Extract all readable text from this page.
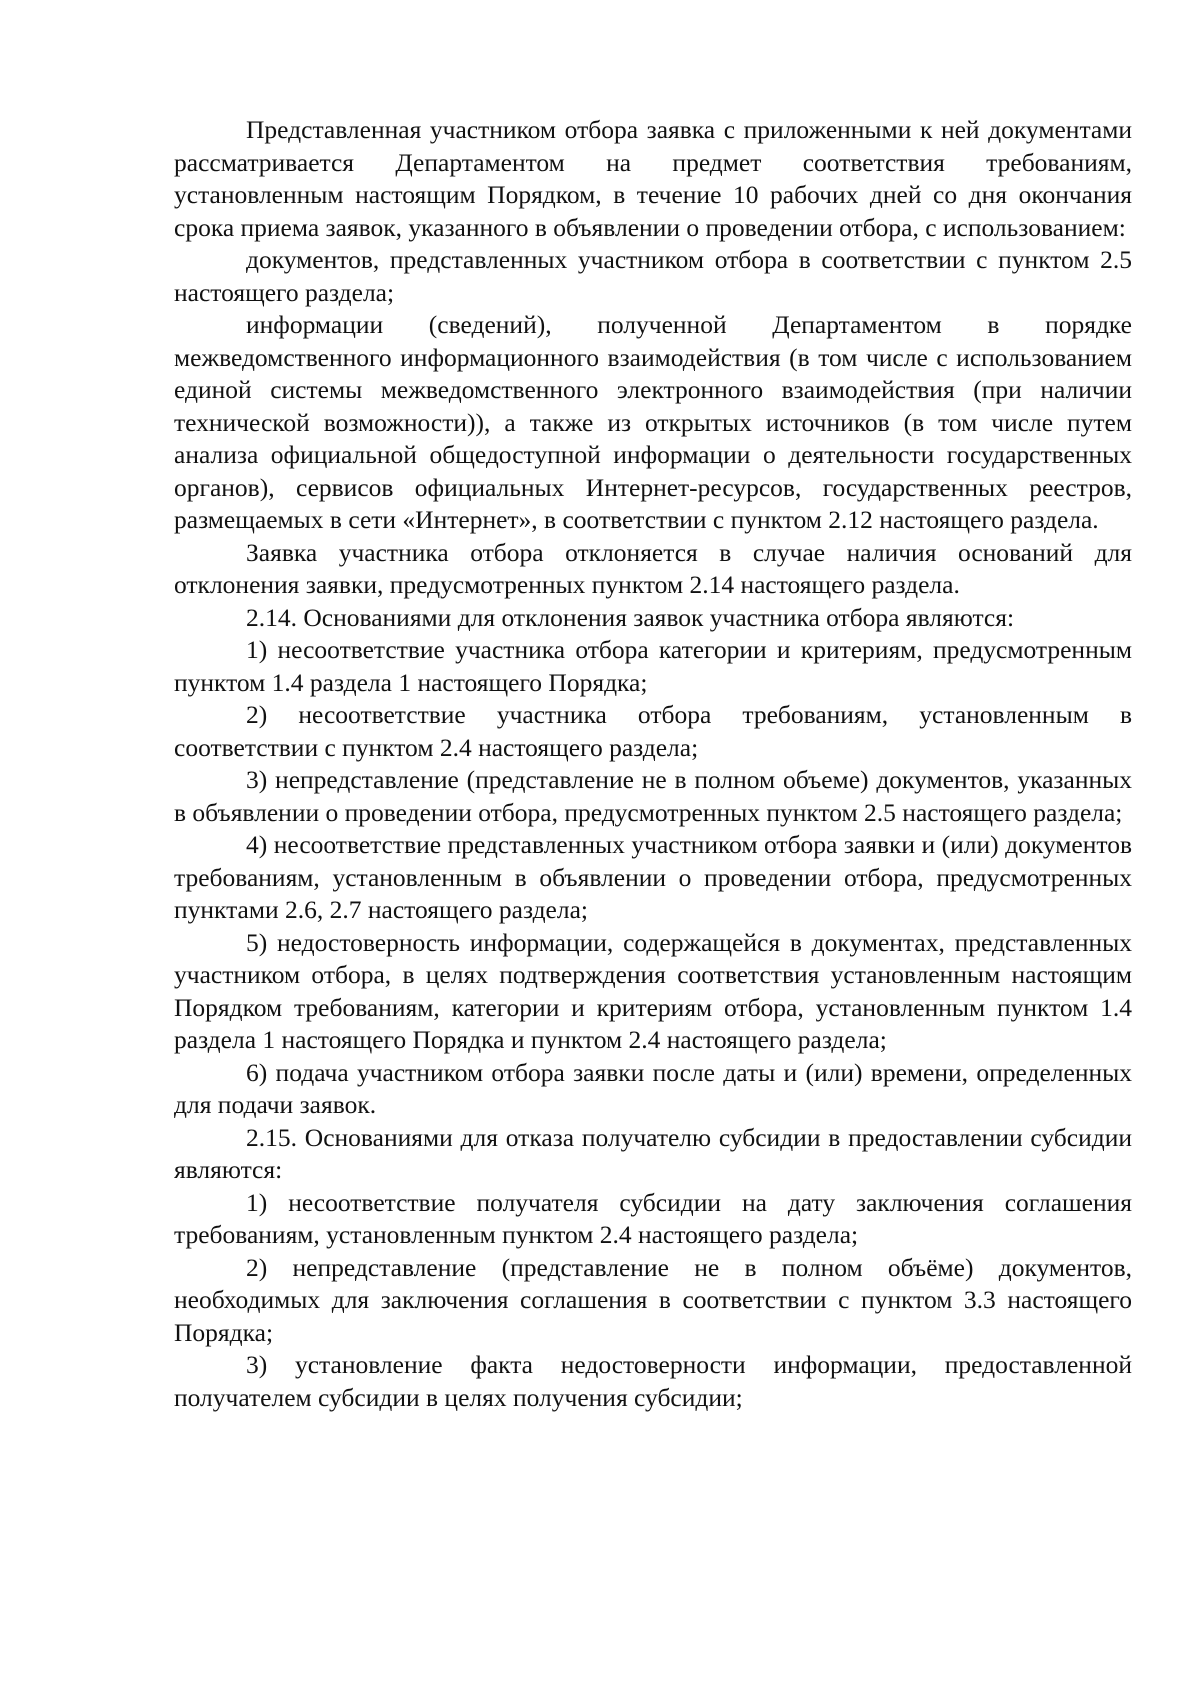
Представленная участником отбора заявка с приложенными к ней документами рассматривается Департаментом на предмет соответствия требованиям, установленным настоящим Порядком, в течение 10 рабочих дней со дня окончания срока приема заявок, указанного в объявлении о проведении отбора, с использованием:

документов, представленных участником отбора в соответствии с пунктом 2.5 настоящего раздела;

информации (сведений), полученной Департаментом в порядке межведомственного информационного взаимодействия (в том числе с использованием единой системы межведомственного электронного взаимодействия (при наличии технической возможности)), а также из открытых источников (в том числе путем анализа официальной общедоступной информации о деятельности государственных органов), сервисов официальных Интернет-ресурсов, государственных реестров, размещаемых в сети «Интернет», в соответствии с пунктом 2.12 настоящего раздела.

Заявка участника отбора отклоняется в случае наличия оснований для отклонения заявки, предусмотренных пунктом 2.14 настоящего раздела.

2.14. Основаниями для отклонения заявок участника отбора являются:

1) несоответствие участника отбора категории и критериям, предусмотренным пунктом 1.4 раздела 1 настоящего Порядка;

2) несоответствие участника отбора требованиям, установленным в соответствии с пунктом 2.4 настоящего раздела;

3) непредставление (представление не в полном объеме) документов, указанных в объявлении о проведении отбора, предусмотренных пунктом 2.5 настоящего раздела;

4) несоответствие представленных участником отбора заявки и (или) документов требованиям, установленным в объявлении о проведении отбора, предусмотренных пунктами 2.6, 2.7 настоящего раздела;

5) недостоверность информации, содержащейся в документах, представленных участником отбора, в целях подтверждения соответствия установленным настоящим Порядком требованиям, категории и критериям отбора, установленным пунктом 1.4 раздела 1 настоящего Порядка и пунктом 2.4 настоящего раздела;

6) подача участником отбора заявки после даты и (или) времени, определенных для подачи заявок.

2.15. Основаниями для отказа получателю субсидии в предоставлении субсидии являются:

1) несоответствие получателя субсидии на дату заключения соглашения требованиям, установленным пунктом 2.4 настоящего раздела;

2) непредставление (представление не в полном объёме) документов, необходимых для заключения соглашения в соответствии с пунктом 3.3 настоящего Порядка;

3) установление факта недостоверности информации, предоставленной получателем субсидии в целях получения субсидии;
